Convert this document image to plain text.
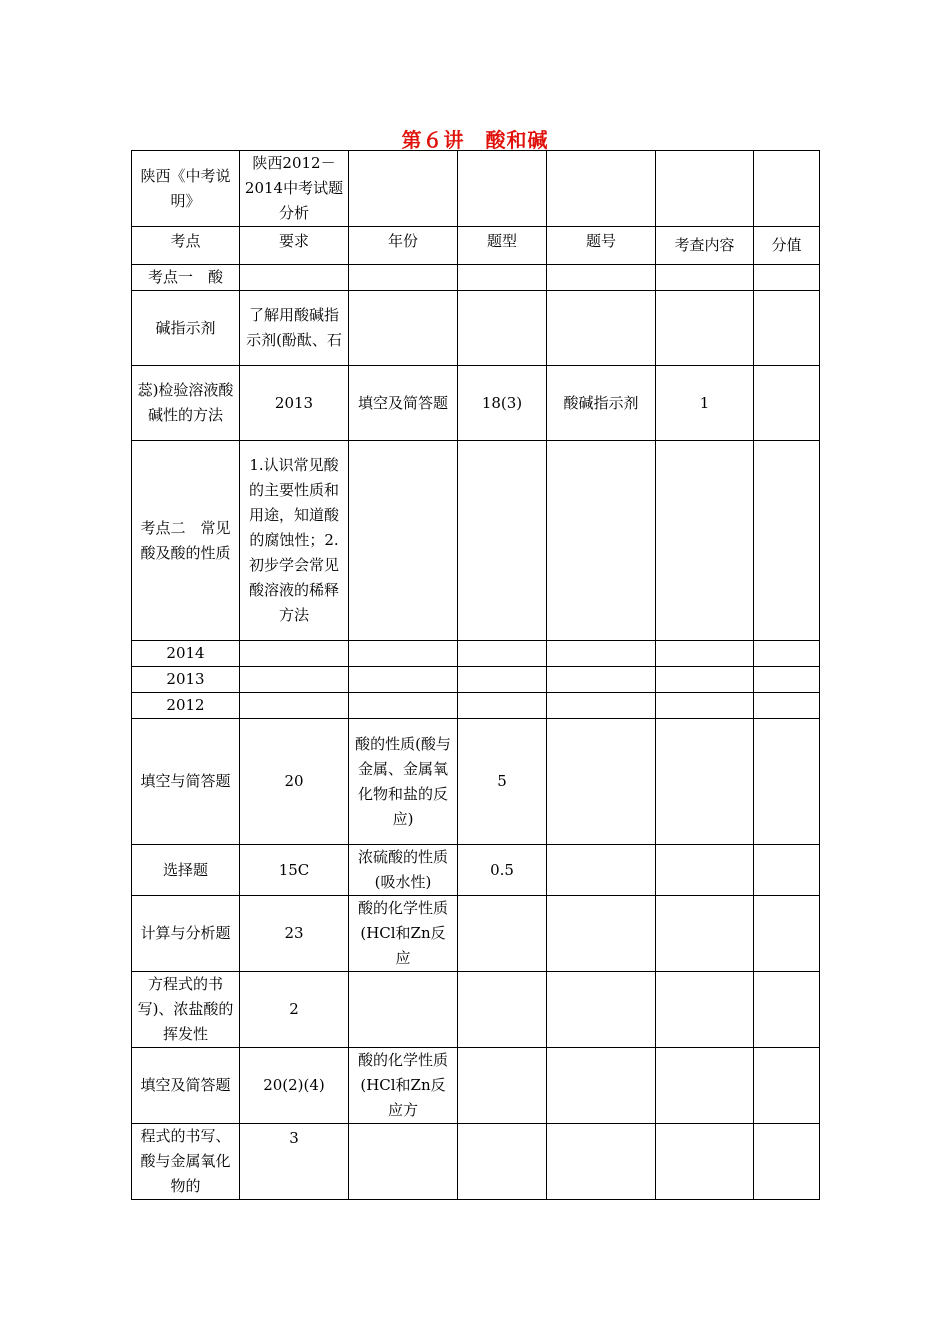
第６讲　酸和碱
陕西《中考说明》	陕西2012－2014中考试题分析					

考点	要求	年份	题型	题号	考查内容	分值

考点一　酸						

碱指示剂	了解用酸碱指示剂(酚酞、石					

蕊)检验溶液酸碱性的方法	2013	填空及简答题	18(3)	酸碱指示剂	1	

考点二　常见酸及酸的性质	1.认识常见酸的主要性质和用途，知道酸的腐蚀性；2.初步学会常见酸溶液的稀释方法					

2014						

2013						

2012						

填空与简答题	20	酸的性质(酸与金属、金属氧化物和盐的反应)	5			

选择题	15C	浓硫酸的性质(吸水性)	0.5			

计算与分析题	23	酸的化学性质(HCl和Zn反应				

方程式的书写)、浓盐酸的挥发性	2					

填空及简答题	20(2)(4)	酸的化学性质(HCl和Zn反应方				

程式的书写、酸与金属氧化物的	3					
